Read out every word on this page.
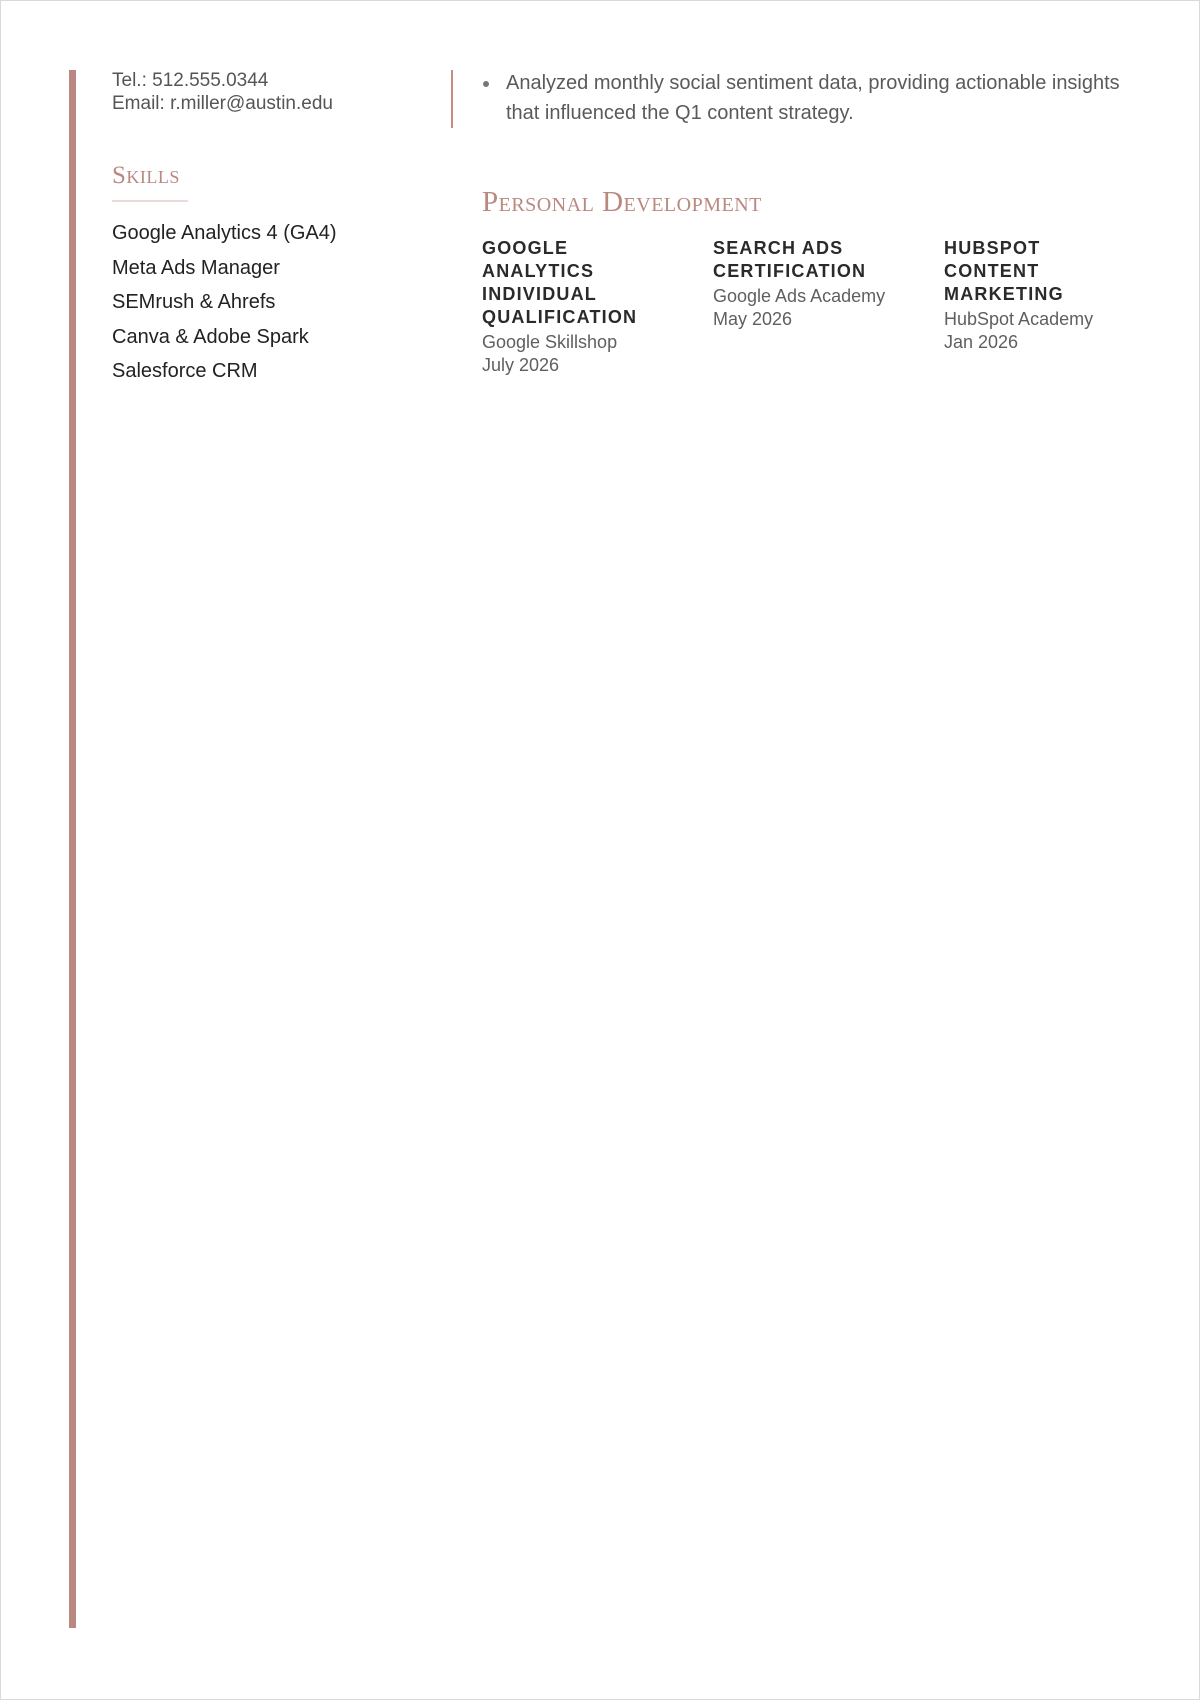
Tel.: 512.555.0344
Email: r.miller@austin.edu
Skills
Google Analytics 4 (GA4)
Meta Ads Manager
SEMrush & Ahrefs
Canva & Adobe Spark
Salesforce CRM
Analyzed monthly social sentiment data, providing actionable insights that influenced the Q1 content strategy.
Personal Development
GOOGLE ANALYTICS INDIVIDUAL QUALIFICATION
Google Skillshop
July 2026
SEARCH ADS CERTIFICATION
Google Ads Academy
May 2026
HUBSPOT CONTENT MARKETING
HubSpot Academy
Jan 2026
